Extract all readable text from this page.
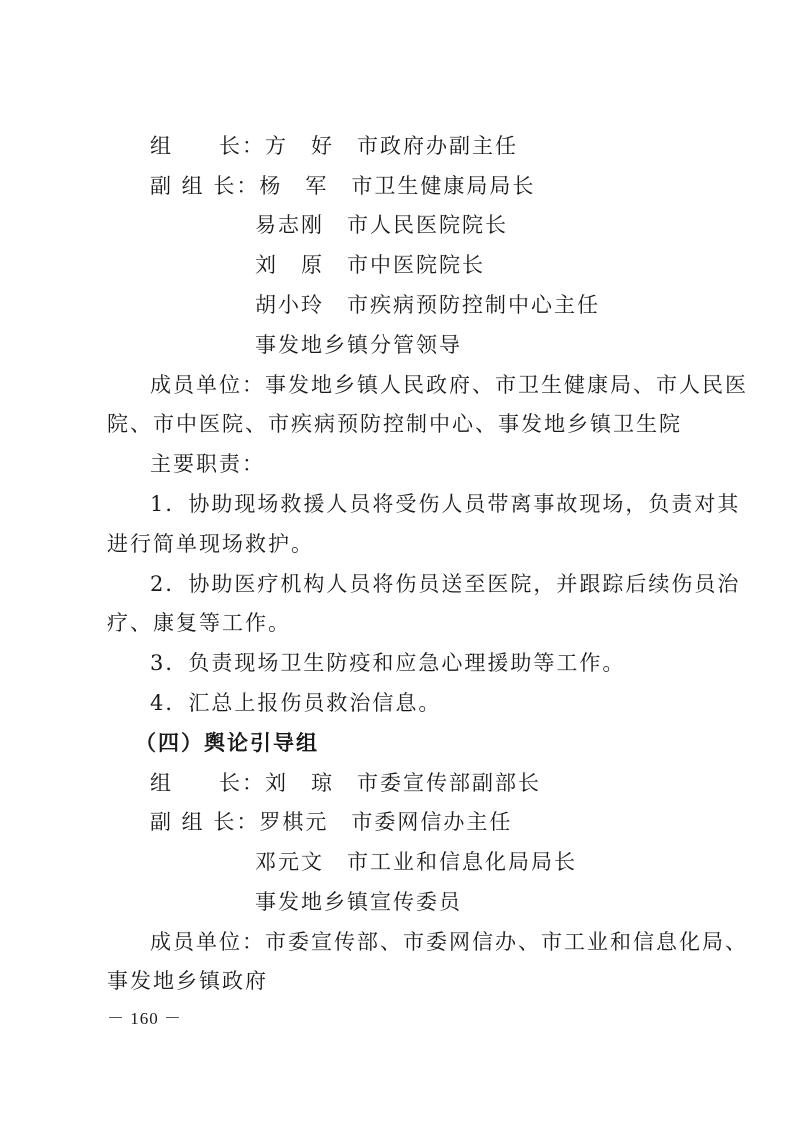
组　　长：方　好　市政府办副主任
副 组 长：杨　军　市卫生健康局局长
易志刚　市人民医院院长
刘　原　市中医院院长
胡小玲　市疾病预防控制中心主任
事发地乡镇分管领导
成员单位：事发地乡镇人民政府、市卫生健康局、市人民医
院、市中医院、市疾病预防控制中心、事发地乡镇卫生院
主要职责：
1．协助现场救援人员将受伤人员带离事故现场，负责对其
进行简单现场救护。
2．协助医疗机构人员将伤员送至医院，并跟踪后续伤员治
疗、康复等工作。
3．负责现场卫生防疫和应急心理援助等工作。
4．汇总上报伤员救治信息。
（四）舆论引导组
组　　长：刘　琼　市委宣传部副部长
副 组 长：罗棋元　市委网信办主任
邓元文　市工业和信息化局局长
事发地乡镇宣传委员
成员单位：市委宣传部、市委网信办、市工业和信息化局、
事发地乡镇政府
－ 160 －
